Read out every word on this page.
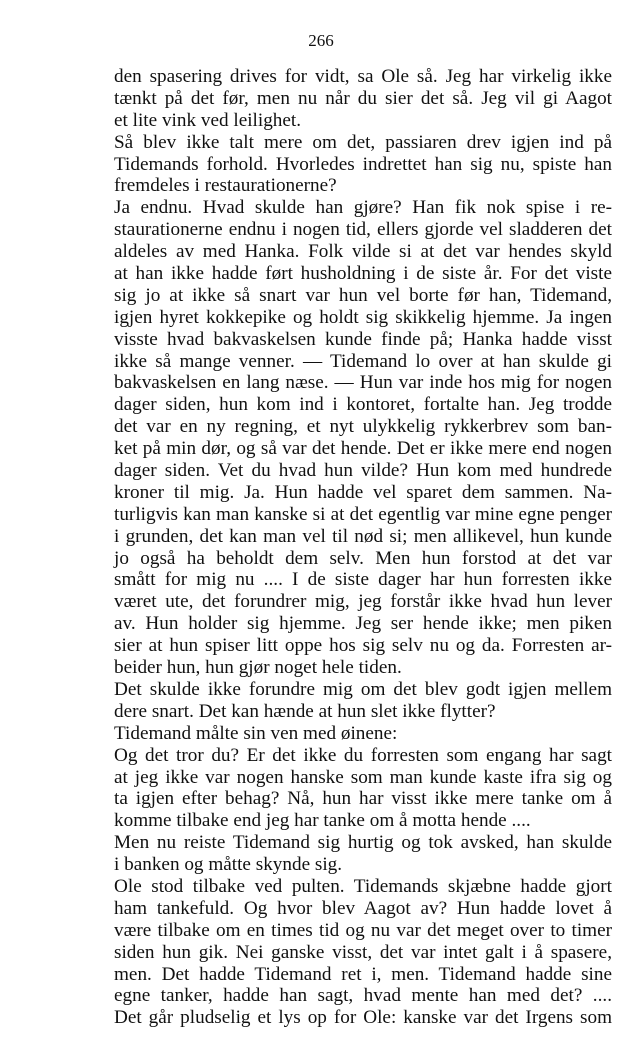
266
den spasering drives for vidt, sa Ole så. Jeg har virkelig ikke
tænkt på det før, men nu når du sier det så. Jeg vil gi Aagot
et lite vink ved leilighet.
Så blev ikke talt mere om det, passiaren drev igjen ind på
Tidemands forhold. Hvorledes indrettet han sig nu, spiste han
fremdeles i restaurationerne?
Ja endnu. Hvad skulde han gjøre? Han fik nok spise i re-
staurationerne endnu i nogen tid, ellers gjorde vel sladderen det
aldeles av med Hanka. Folk vilde si at det var hendes skyld
at han ikke hadde ført husholdning i de siste år. For det viste
sig jo at ikke så snart var hun vel borte før han, Tidemand,
igjen hyret kokkepike og holdt sig skikkelig hjemme. Ja ingen
visste hvad bakvaskelsen kunde finde på; Hanka hadde visst
ikke så mange venner. — Tidemand lo over at han skulde gi
bakvaskelsen en lang næse. — Hun var inde hos mig for nogen
dager siden, hun kom ind i kontoret, fortalte han. Jeg trodde
det var en ny regning, et nyt ulykkelig rykkerbrev som ban-
ket på min dør, og så var det hende. Det er ikke mere end nogen
dager siden. Vet du hvad hun vilde? Hun kom med hundrede
kroner til mig. Ja. Hun hadde vel sparet dem sammen. Na-
turligvis kan man kanske si at det egentlig var mine egne penger
i grunden, det kan man vel til nød si; men allikevel, hun kunde
jo også ha beholdt dem selv. Men hun forstod at det var
smått for mig nu .... I de siste dager har hun forresten ikke
været ute, det forundrer mig, jeg forstår ikke hvad hun lever
av. Hun holder sig hjemme. Jeg ser hende ikke; men piken
sier at hun spiser litt oppe hos sig selv nu og da. Forresten ar-
beider hun, hun gjør noget hele tiden.
Det skulde ikke forundre mig om det blev godt igjen mellem
dere snart. Det kan hænde at hun slet ikke flytter?
Tidemand målte sin ven med øinene:
Og det tror du? Er det ikke du forresten som engang har sagt
at jeg ikke var nogen hanske som man kunde kaste ifra sig og
ta igjen efter behag? Nå, hun har visst ikke mere tanke om å
komme tilbake end jeg har tanke om å motta hende ....
Men nu reiste Tidemand sig hurtig og tok avsked, han skulde
i banken og måtte skynde sig.
Ole stod tilbake ved pulten. Tidemands skjæbne hadde gjort
ham tankefuld. Og hvor blev Aagot av? Hun hadde lovet å
være tilbake om en times tid og nu var det meget over to timer
siden hun gik. Nei ganske visst, det var intet galt i å spasere,
men. Det hadde Tidemand ret i, men. Tidemand hadde sine
egne tanker, hadde han sagt, hvad mente han med det? ....
Det går pludselig et lys op for Ole: kanske var det Irgens som
